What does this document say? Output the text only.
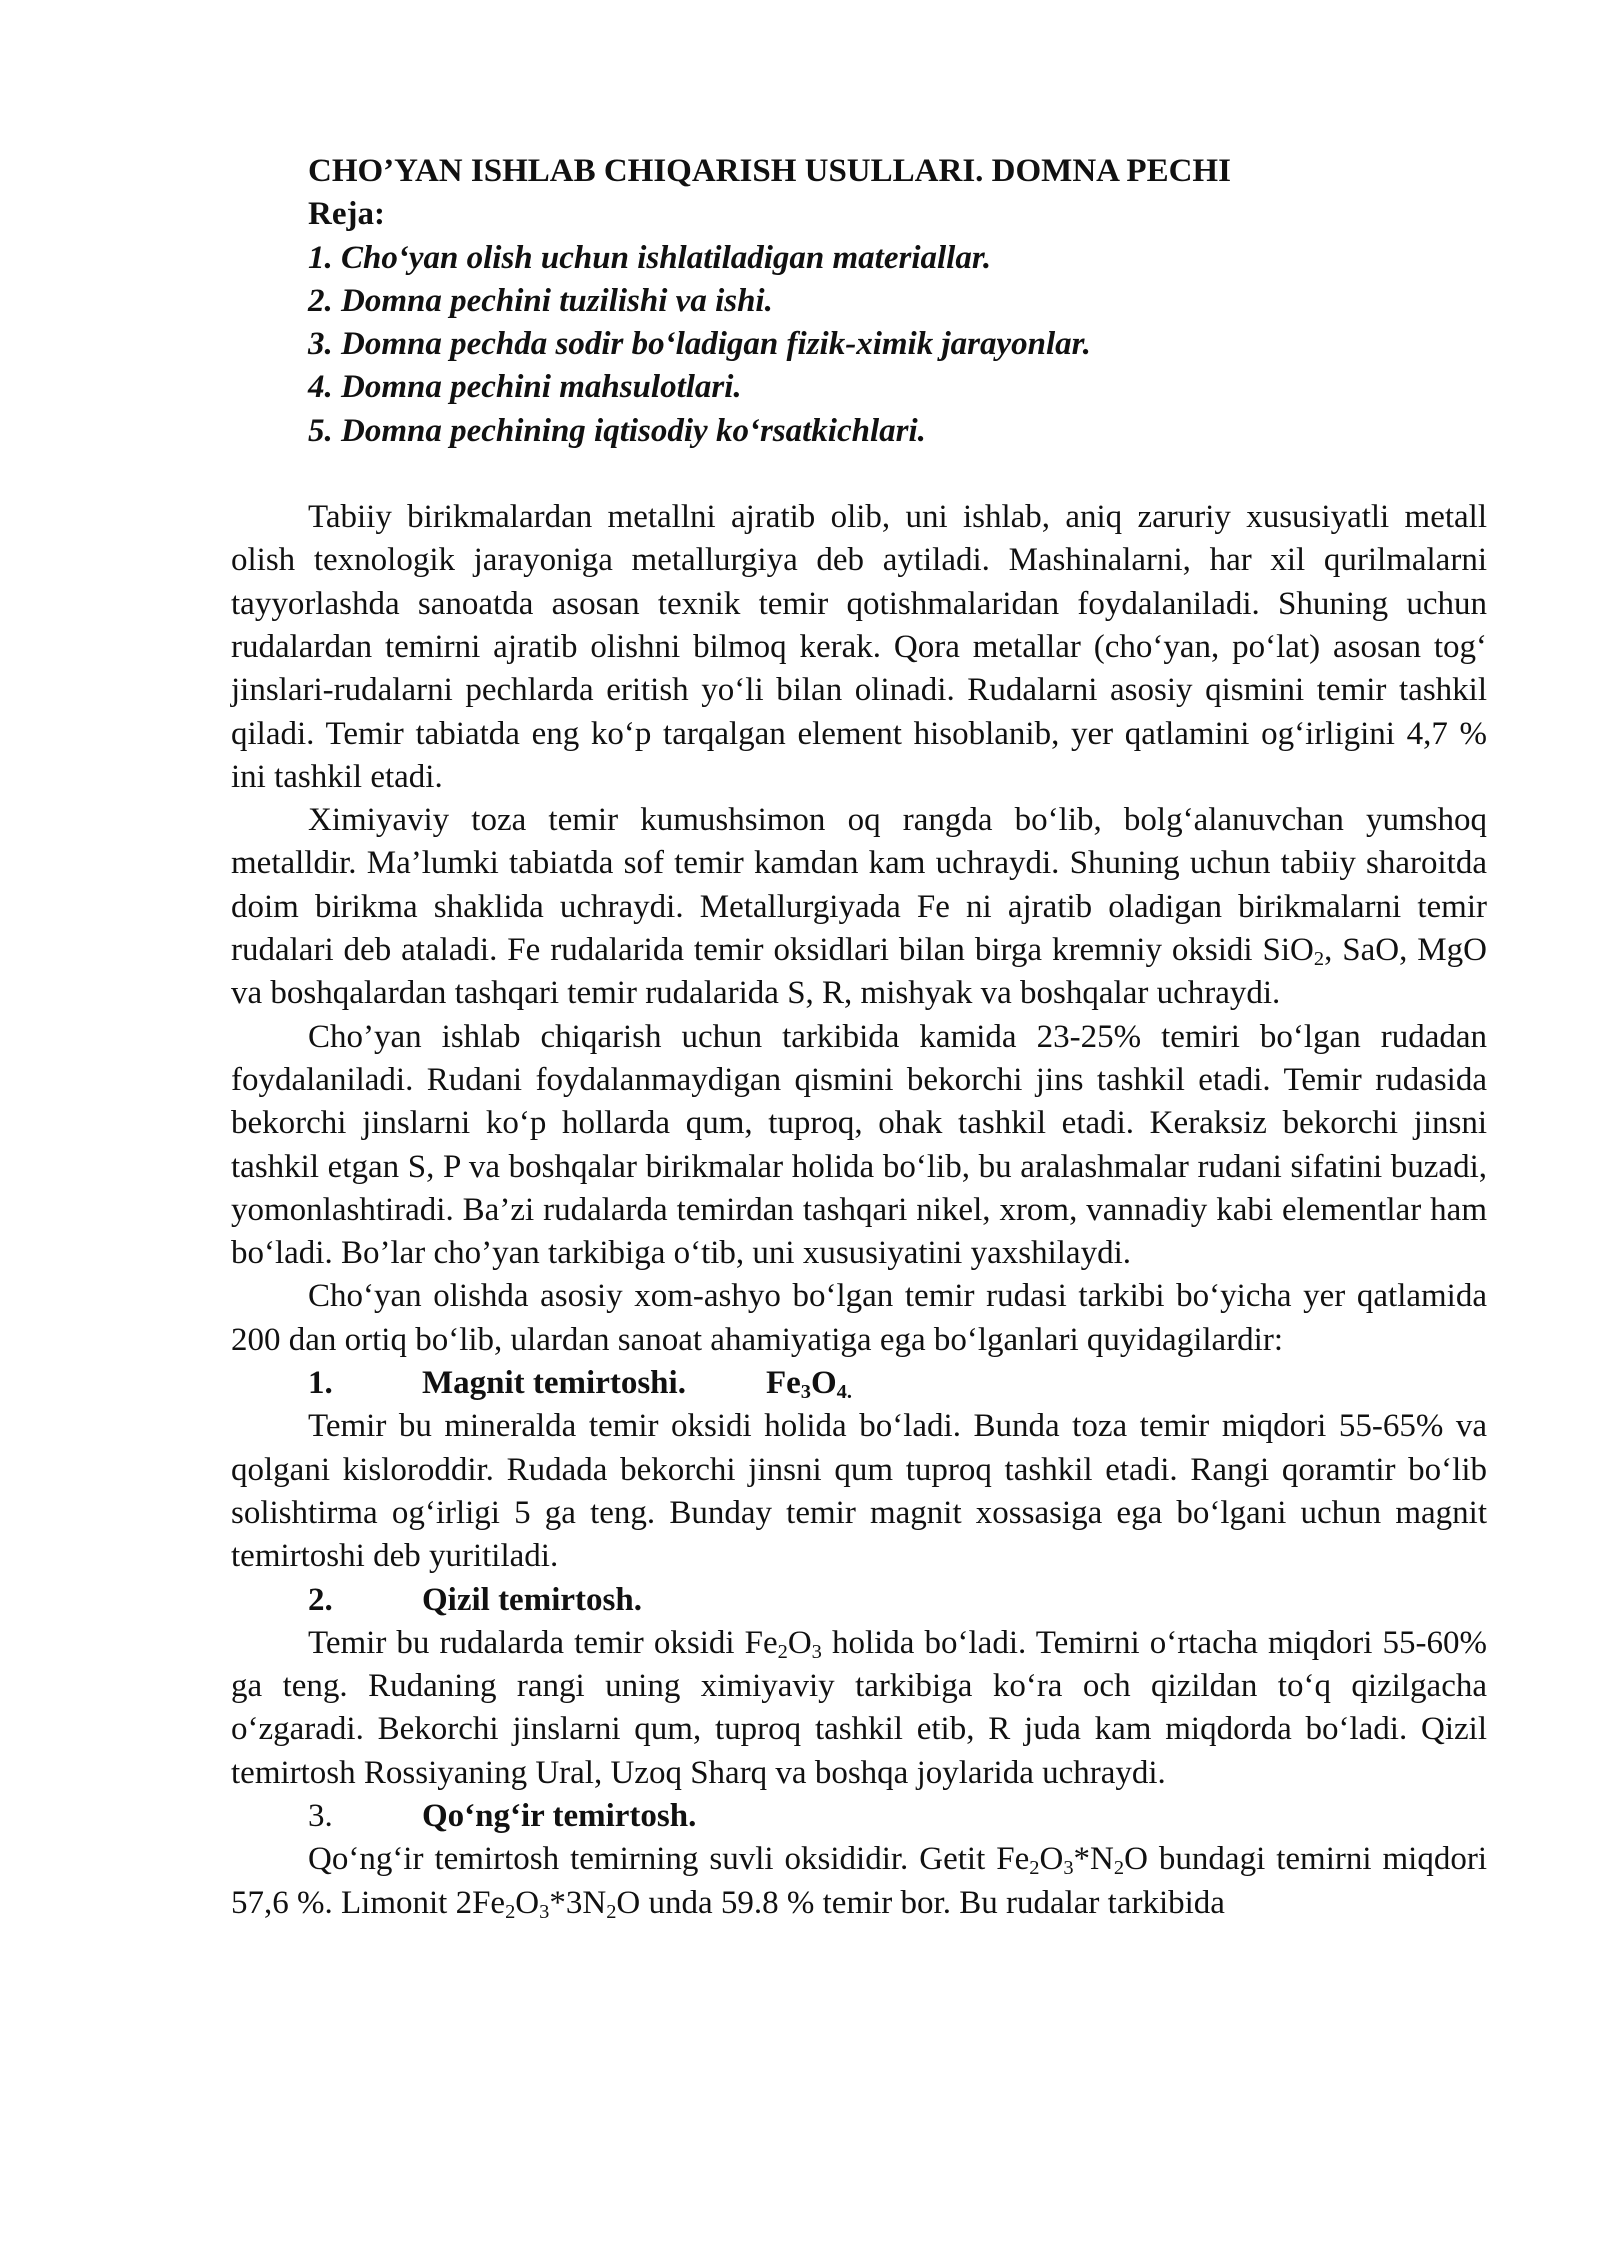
CHO’YAN ISHLAB CHIQARISH USULLARI. DOMNA PECHI
Reja:
1. Cho‘yan olish uchun ishlatiladigan materiallar.
2. Domna pechini tuzilishi va ishi.
3. Domna pechda sodir bo‘ladigan fizik-ximik jarayonlar.
4. Domna pechini mahsulotlari.
5. Domna pechining iqtisodiy ko‘rsatkichlari.

Tabiiy birikmalardan metallni ajratib olib, uni ishlab, aniq zaruriy xususiyatli metall olish texnologik jarayoniga metallurgiya deb aytiladi. Mashinalarni, har xil qurilmalarni tayyorlashda sanoatda asosan texnik temir qotishmalaridan foydalaniladi. Shuning uchun rudalardan temirni ajratib olishni bilmoq kerak. Qora metallar (cho‘yan, po‘lat) asosan tog‘ jinslari-rudalarni pechlarda eritish yo‘li bilan olinadi. Rudalarni asosiy qismini temir tashkil qiladi. Temir tabiatda eng ko‘p tarqalgan element hisoblanib, yer qatlamini og‘irligini 4,7 % ini tashkil etadi.

Ximiyaviy toza temir kumushsimon oq rangda bo‘lib, bolg‘alanuvchan yumshoq metalldir. Ma’lumki tabiatda sof temir kamdan kam uchraydi. Shuning uchun tabiiy sharoitda doim birikma shaklida uchraydi. Metallurgiyada Fe ni ajratib oladigan birikmalarni temir rudalari deb ataladi. Fe rudalarida temir oksidlari bilan birga kremniy oksidi SiO$_2$, SaO, MgO va boshqalardan tashqari temir rudalarida S, R, mishyak va boshqalar uchraydi.

Cho’yan ishlab chiqarish uchun tarkibida kamida 23-25% temiri bo‘lgan rudadan foydalaniladi. Rudani foydalanmaydigan qismini bekorchi jins tashkil etadi. Temir rudasida bekorchi jinslarni ko‘p hollarda qum, tuproq, ohak tashkil etadi. Keraksiz bekorchi jinsni tashkil etgan S, P va boshqalar birikmalar holida bo‘lib, bu aralashmalar rudani sifatini buzadi, yomonlashtiradi. Ba’zi rudalarda temirdan tashqari nikel, xrom, vannadiy kabi elementlar ham bo‘ladi. Bo’lar cho’yan tarkibiga o‘tib, uni xususiyatini yaxshilaydi.

Cho‘yan olishda asosiy xom-ashyo bo‘lgan temir rudasi tarkibi bo‘yicha yer qatlamida 200 dan ortiq bo‘lib, ulardan sanoat ahamiyatiga ega bo‘lganlari quyidagilardir:

1.	Magnit temirtoshi. $Fe_3O_{4.}$

Temir bu mineralda temir oksidi holida bo‘ladi. Bunda toza temir miqdori 55-65% va qolgani kisloroddir. Rudada bekorchi jinsni qum tuproq tashkil etadi. Rangi qoramtir bo‘lib solishtirma og‘irligi 5 ga teng. Bunday temir magnit xossasiga ega bo‘lgani uchun magnit temirtoshi deb yuritiladi.

2.	Qizil temirtosh.

Temir bu rudalarda temir oksidi $Fe_2O_3$ holida bo‘ladi. Temirni o‘rtacha miqdori 55-60% ga teng. Rudaning rangi uning ximiyaviy tarkibiga ko‘ra och qizildan to‘q qizilgacha o‘zgaradi. Bekorchi jinslarni qum, tuproq tashkil etib, R juda kam miqdorda bo‘ladi. Qizil temirtosh Rossiyaning Ural, Uzoq Sharq va boshqa joylarida uchraydi.

3.	Qo‘ng‘ir temirtosh.

Qo‘ng‘ir temirtosh temirning suvli oksididir. Getit $Fe_2O_3*N_2O$ bundagi temirni miqdori 57,6 %. Limonit $2Fe_2O_3*3N_2O$ unda 59.8 % temir bor. Bu rudalar tarkibida
